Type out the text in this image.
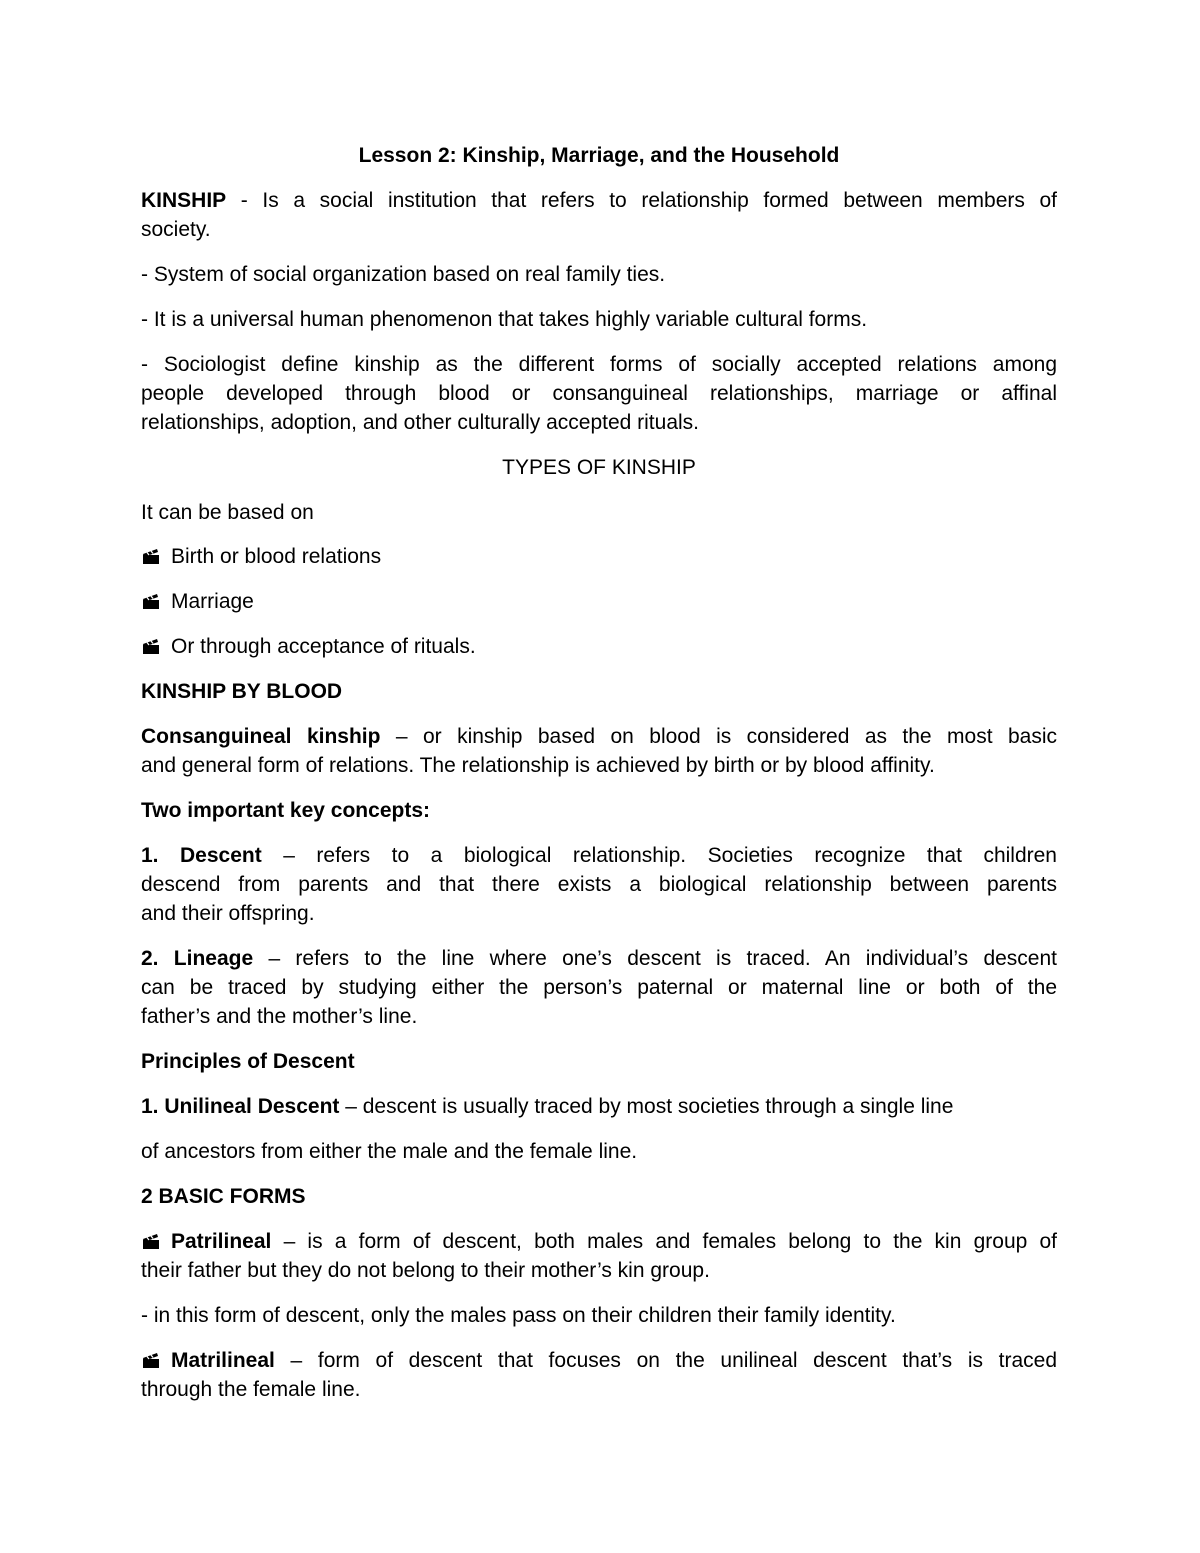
Lesson 2: Kinship, Marriage, and the Household

KINSHIP - Is a social institution that refers to relationship formed between members of

society.

- System of social organization based on real family ties.

- It is a universal human phenomenon that takes highly variable cultural forms.

- Sociologist define kinship as the different forms of socially accepted relations among

people developed through blood or consanguineal relationships, marriage or affinal

relationships, adoption, and other culturally accepted rituals.

TYPES OF KINSHIP

It can be based on

Birth or blood relations

Marriage

Or through acceptance of rituals.

KINSHIP BY BLOOD

Consanguineal kinship – or kinship based on blood is considered as the most basic

and general form of relations. The relationship is achieved by birth or by blood affinity.

Two important key concepts:

1. Descent – refers to a biological relationship. Societies recognize that children

descend from parents and that there exists a biological relationship between parents

and their offspring.

2. Lineage – refers to the line where one’s descent is traced. An individual’s descent

can be traced by studying either the person’s paternal or maternal line or both of the

father’s and the mother’s line.

Principles of Descent

1. Unilineal Descent – descent is usually traced by most societies through a single line

of ancestors from either the male and the female line.

2 BASIC FORMS

Patrilineal – is a form of descent, both males and females belong to the kin group of

their father but they do not belong to their mother’s kin group.

- in this form of descent, only the males pass on their children their family identity.

Matrilineal – form of descent that focuses on the unilineal descent that’s is traced

through the female line.
